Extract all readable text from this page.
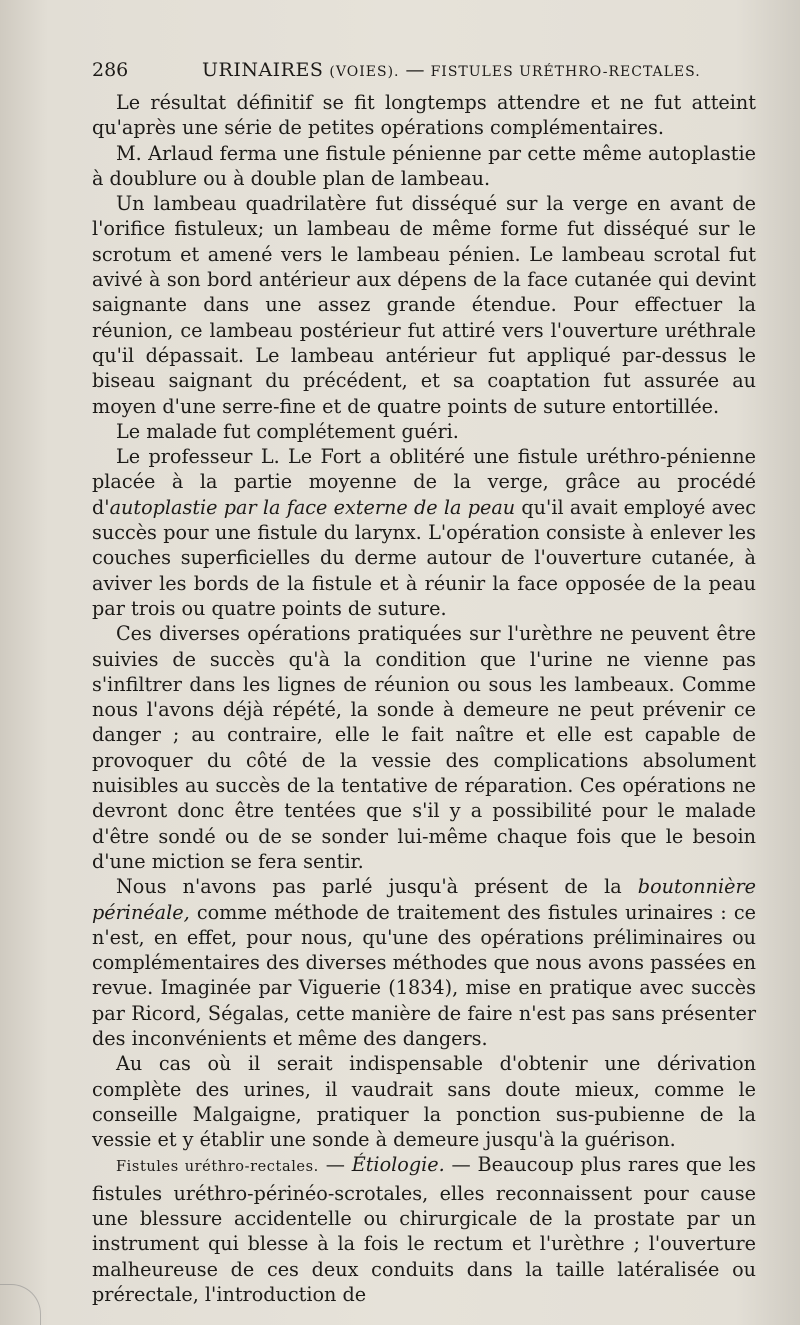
286	URINAIRES (VOIES). — FISTULES URÉTHRO-RECTALES.

Le résultat définitif se fit longtemps attendre et ne fut atteint qu'après une série de petites opérations complémentaires.

M. Arlaud ferma une fistule pénienne par cette même autoplastie à doublure ou à double plan de lambeau.

Un lambeau quadrilatère fut disséqué sur la verge en avant de l'orifice fistuleux; un lambeau de même forme fut disséqué sur le scrotum et amené vers le lambeau pénien. Le lambeau scrotal fut avivé à son bord antérieur aux dépens de la face cutanée qui devint saignante dans une assez grande étendue. Pour effectuer la réunion, ce lambeau postérieur fut attiré vers l'ouverture uréthrale qu'il dépassait. Le lambeau antérieur fut appliqué par-dessus le biseau saignant du précédent, et sa coaptation fut assurée au moyen d'une serre-fine et de quatre points de suture entortillée.

Le malade fut complétement guéri.

Le professeur L. Le Fort a oblitéré une fistule uréthro-pénienne placée à la partie moyenne de la verge, grâce au procédé d'autoplastie par la face externe de la peau qu'il avait employé avec succès pour une fistule du larynx. L'opération consiste à enlever les couches superficielles du derme autour de l'ouverture cutanée, à aviver les bords de la fistule et à réunir la face opposée de la peau par trois ou quatre points de suture.

Ces diverses opérations pratiquées sur l'urèthre ne peuvent être suivies de succès qu'à la condition que l'urine ne vienne pas s'infiltrer dans les lignes de réunion ou sous les lambeaux. Comme nous l'avons déjà répété, la sonde à demeure ne peut prévenir ce danger ; au contraire, elle le fait naître et elle est capable de provoquer du côté de la vessie des complications absolument nuisibles au succès de la tentative de réparation. Ces opérations ne devront donc être tentées que s'il y a possibilité pour le malade d'être sondé ou de se sonder lui-même chaque fois que le besoin d'une miction se fera sentir.

Nous n'avons pas parlé jusqu'à présent de la boutonnière périnéale, comme méthode de traitement des fistules urinaires : ce n'est, en effet, pour nous, qu'une des opérations préliminaires ou complémentaires des diverses méthodes que nous avons passées en revue. Imaginée par Viguerie (1834), mise en pratique avec succès par Ricord, Ségalas, cette manière de faire n'est pas sans présenter des inconvénients et même des dangers.

Au cas où il serait indispensable d'obtenir une dérivation complète des urines, il vaudrait sans doute mieux, comme le conseille Malgaigne, pratiquer la ponction sus-pubienne de la vessie et y établir une sonde à demeure jusqu'à la guérison.

Fistules uréthro-rectales. — Étiologie. — Beaucoup plus rares que les fistules uréthro-périnéo-scrotales, elles reconnaissent pour cause une blessure accidentelle ou chirurgicale de la prostate par un instrument qui blesse à la fois le rectum et l'urèthre ; l'ouverture malheureuse de ces deux conduits dans la taille latéralisée ou prérectale, l'introduction de
